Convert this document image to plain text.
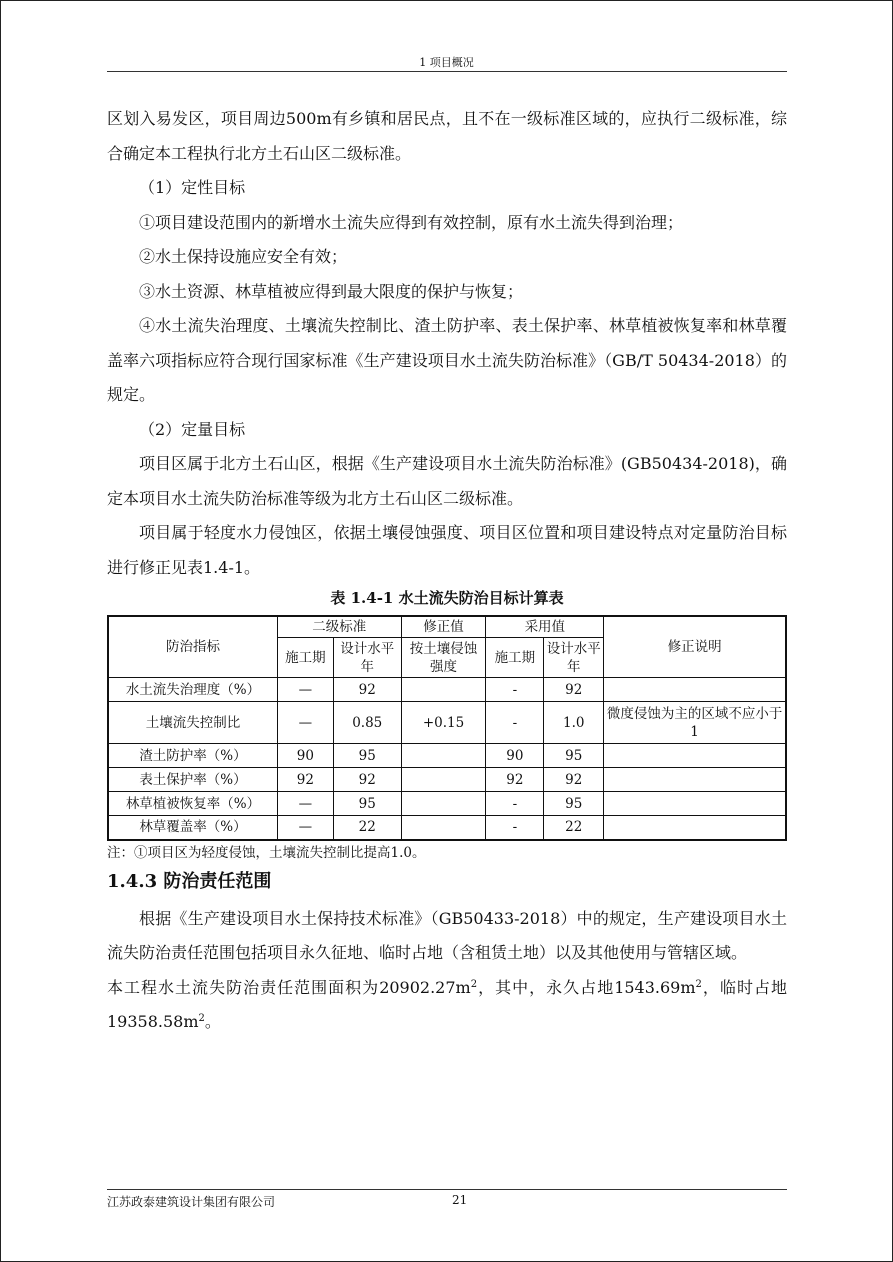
1 项目概况

区划入易发区，项目周边500m有乡镇和居民点，且不在一级标准区域的，应执行二级标准，综合确定本工程执行北方土石山区二级标准。

（1）定性目标

①项目建设范围内的新增水土流失应得到有效控制，原有水土流失得到治理；

②水土保持设施应安全有效；

③水土资源、林草植被应得到最大限度的保护与恢复；

④水土流失治理度、土壤流失控制比、渣土防护率、表土保护率、林草植被恢复率和林草覆盖率六项指标应符合现行国家标准《生产建设项目水土流失防治标准》（GB/T 50434-2018）的规定。

（2）定量目标

项目区属于北方土石山区，根据《生产建设项目水土流失防治标准》(GB50434-2018)，确定本项目水土流失防治标准等级为北方土石山区二级标准。

项目属于轻度水力侵蚀区，依据土壤侵蚀强度、项目区位置和项目建设特点对定量防治目标进行修正见表1.4-1。

表 1.4-1 水土流失防治目标计算表
防治指标	二级标准		修正值	采用值		修正说明
	施工期	设计水平年	按土壤侵蚀强度	施工期	设计水平年	
水土流失治理度（%）	—	92		-	92	
土壤流失控制比	—	0.85	+0.15	-	1.0	微度侵蚀为主的区域不应小于1
渣土防护率（%）	90	95		90	95	
表土保护率（%）	92	92		92	92	
林草植被恢复率（%）	—	95		-	95	
林草覆盖率（%）	—	22		-	22	
注：①项目区为轻度侵蚀，土壤流失控制比提高1.0。
1.4.3 防治责任范围

根据《生产建设项目水土保持技术标准》（GB50433-2018）中的规定，生产建设项目水土流失防治责任范围包括项目永久征地、临时占地（含租赁土地）以及其他使用与管辖区域。

本工程水土流失防治责任范围面积为$20902.27m^2$，其中，永久占地$1543.69m^2$，临时占地$19358.58m^2$。

江苏政泰建筑设计集团有限公司	21
